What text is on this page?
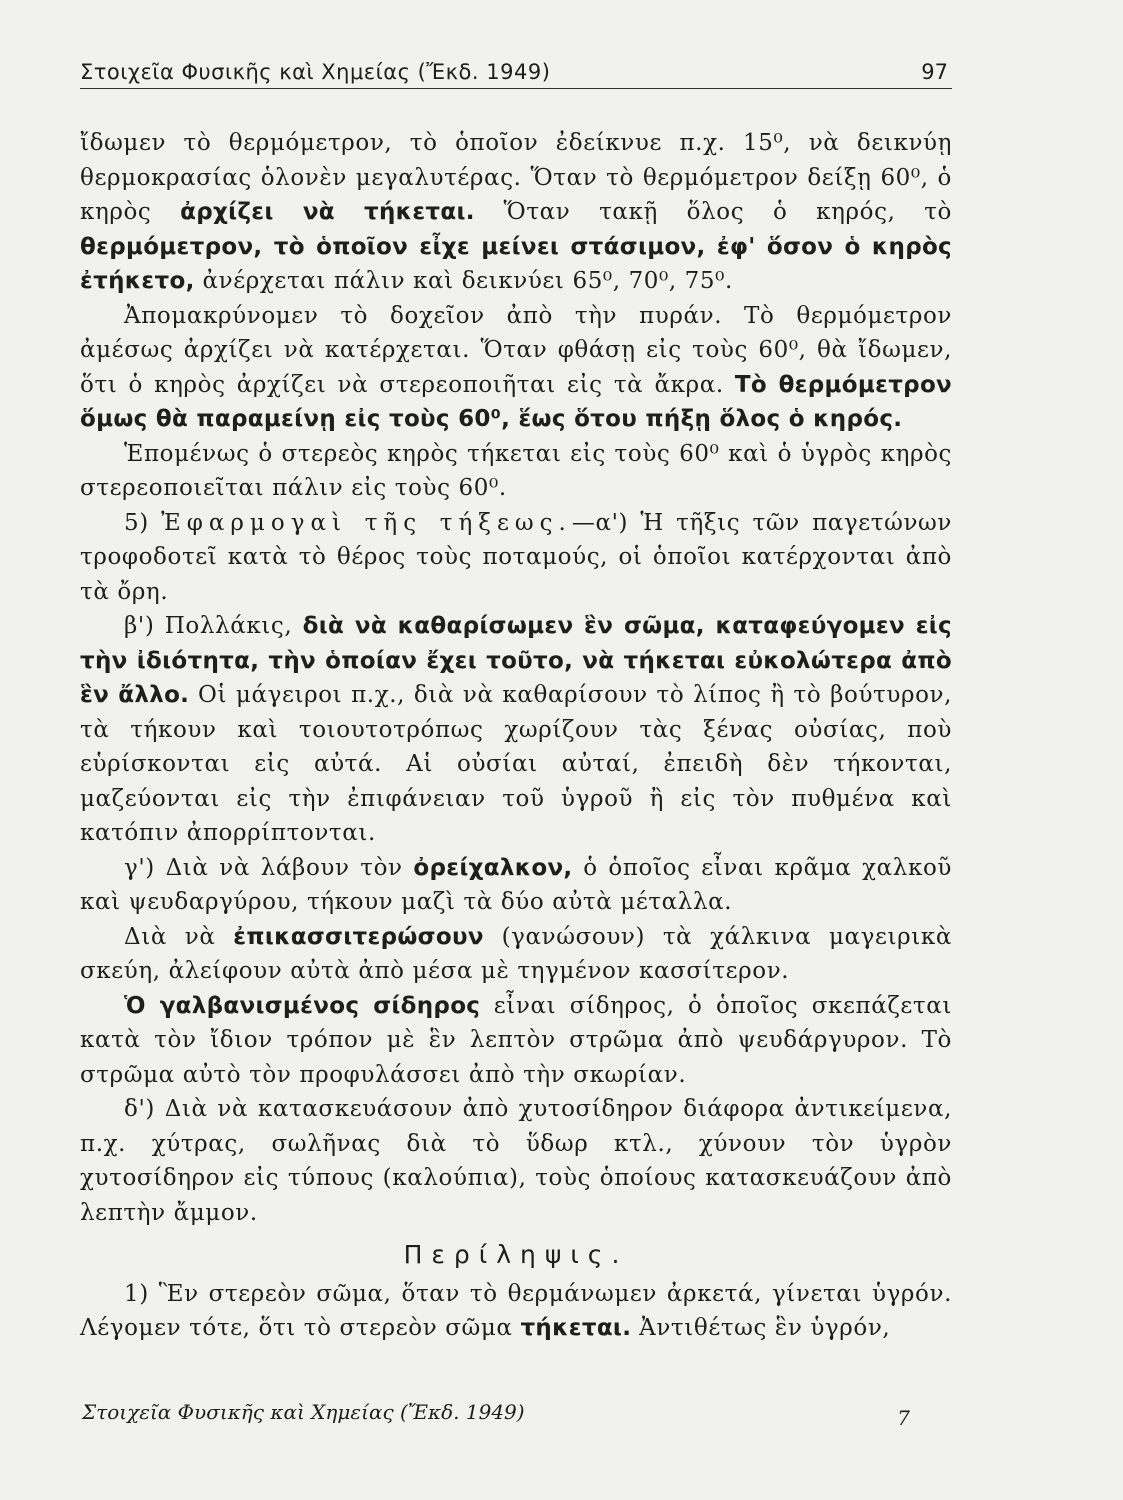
Στοιχεῖα Φυσικῆς καὶ Χημείας (Ἔκδ. 1949)	97

ἴδωμεν τὸ θερμόμετρον, τὸ ὁποῖον ἐδείκνυε π.χ. 15⁰, νὰ δεικνύῃ θερμοκρασίας ὁλονὲν μεγαλυτέρας. Ὅταν τὸ θερμόμετρον δείξῃ 60⁰, ὁ κηρὸς ἀρχίζει νὰ τήκεται. Ὅταν τακῇ ὅλος ὁ κηρός, τὸ θερμόμετρον, τὸ ὁποῖον εἶχε μείνει στάσιμον, ἐφ' ὅσον ὁ κηρὸς ἐτήκετο, ἀνέρχεται πάλιν καὶ δεικνύει 65⁰, 70⁰, 75⁰.

Ἀπομακρύνομεν τὸ δοχεῖον ἀπὸ τὴν πυράν. Τὸ θερμόμετρον ἀμέσως ἀρχίζει νὰ κατέρχεται. Ὅταν φθάσῃ εἰς τοὺς 60⁰, θὰ ἴδωμεν, ὅτι ὁ κηρὸς ἀρχίζει νὰ στερεοποιῆται εἰς τὰ ἄκρα. Τὸ θερμόμετρον ὅμως θὰ παραμείνῃ εἰς τοὺς 60⁰, ἕως ὅτου πήξῃ ὅλος ὁ κηρός.

Ἑπομένως ὁ στερεὸς κηρὸς τήκεται εἰς τοὺς 60⁰ καὶ ὁ ὑγρὸς κηρὸς στερεοποιεῖται πάλιν εἰς τοὺς 60⁰.

5) Ἐφαρμογαὶ τῆς τήξεως.—α') Ἡ τῆξις τῶν παγετώνων τροφοδοτεῖ κατὰ τὸ θέρος τοὺς ποταμούς, οἱ ὁποῖοι κατέρχονται ἀπὸ τὰ ὄρη.

β') Πολλάκις, διὰ νὰ καθαρίσωμεν ἓν σῶμα, καταφεύγομεν εἰς τὴν ἰδιότητα, τὴν ὁποίαν ἔχει τοῦτο, νὰ τήκεται εὐκολώτερα ἀπὸ ἓν ἄλλο. Οἱ μάγειροι π.χ., διὰ νὰ καθαρίσουν τὸ λίπος ἢ τὸ βούτυρον, τὰ τήκουν καὶ τοιουτοτρόπως χωρίζουν τὰς ξένας οὐσίας, ποὺ εὑρίσκονται εἰς αὐτά. Αἱ οὐσίαι αὐταί, ἐπειδὴ δὲν τήκονται, μαζεύονται εἰς τὴν ἐπιφάνειαν τοῦ ὑγροῦ ἢ εἰς τὸν πυθμένα καὶ κατόπιν ἀπορρίπτονται.

γ') Διὰ νὰ λάβουν τὸν ὀρείχαλκον, ὁ ὁποῖος εἶναι κρᾶμα χαλκοῦ καὶ ψευδαργύρου, τήκουν μαζὶ τὰ δύο αὐτὰ μέταλλα.

Διὰ νὰ ἐπικασσιτερώσουν (γανώσουν) τὰ χάλκινα μαγειρικὰ σκεύη, ἀλείφουν αὐτὰ ἀπὸ μέσα μὲ τηγμένον κασσίτερον.

Ὁ γαλβανισμένος σίδηρος εἶναι σίδηρος, ὁ ὁποῖος σκεπάζεται κατὰ τὸν ἴδιον τρόπον μὲ ἓν λεπτὸν στρῶμα ἀπὸ ψευδάργυρον. Τὸ στρῶμα αὐτὸ τὸν προφυλάσσει ἀπὸ τὴν σκωρίαν.

δ') Διὰ νὰ κατασκευάσουν ἀπὸ χυτοσίδηρον διάφορα ἀντικείμενα, π.χ. χύτρας, σωλῆνας διὰ τὸ ὕδωρ κτλ., χύνουν τὸν ὑγρὸν χυτοσίδηρον εἰς τύπους (καλούπια), τοὺς ὁποίους κατασκευάζουν ἀπὸ λεπτὴν ἄμμον.

Περίληψις.

1) Ἓν στερεὸν σῶμα, ὅταν τὸ θερμάνωμεν ἀρκετά, γίνεται ὑγρόν. Λέγομεν τότε, ὅτι τὸ στερεὸν σῶμα τήκεται. Ἀντιθέτως ἓν ὑγρόν,

Στοιχεῖα Φυσικῆς καὶ Χημείας (Ἔκδ. 1949)	7
